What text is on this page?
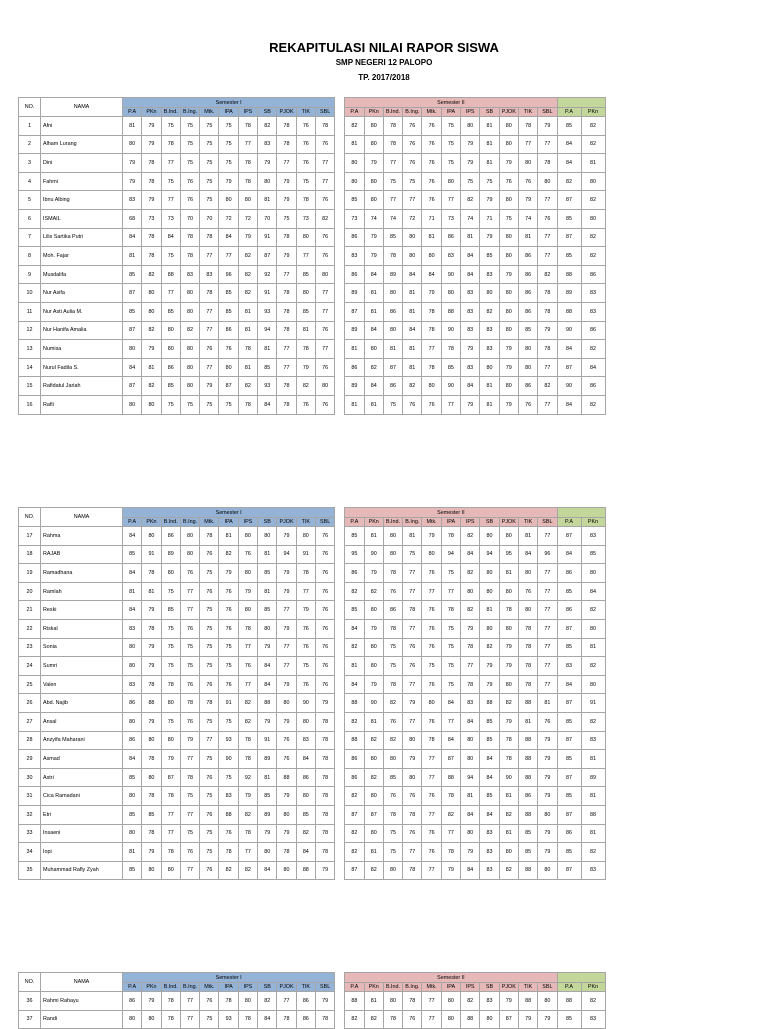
REKAPITULASI NILAI RAPOR SISWA
SMP NEGERI 12 PALOPO
TP. 2017/2018
NO.	NAMA	Semester I												Semester II												
		P.A	PKn	B.Ind.	B.Ing.	Mtk.	IPA	IPS	SB	PJOK	TIK	SBL		P.A	PKn	B.Ind.	B.Ing.	Mtk.	IPA	IPS	SB	PJOK	TIK	SBL	P.A	PKn
1	Afni	81	79	75	75	75	75	78	82	78	76	78		82	80	78	76	76	75	80	81	80	78	79	85	82
2	Alham Lurang	80	79	78	75	75	75	77	83	78	76	76		81	80	78	76	76	75	79	81	80	77	77	84	82
3	Dini	79	78	77	75	75	75	78	79	77	76	77		80	79	77	76	76	75	79	81	79	80	78	84	81
4	Fahmi	79	78	75	76	75	79	78	80	79	75	77		80	80	75	75	76	80	75	75	76	76	80	82	80
5	Ibnu Albing	83	79	77	76	75	80	80	81	79	78	76		85	80	77	77	76	77	82	79	80	79	77	87	82
6	ISMAIL	68	73	73	70	70	72	72	70	75	73	82		73	74	74	72	71	73	74	71	75	74	76	85	80
7	Lilis Sartika Putri	84	78	84	78	78	84	79	91	78	80	76		86	79	85	80	81	86	81	79	80	81	77	87	82
8	Moh. Fajar	81	78	75	78	77	77	82	87	79	77	76		83	79	78	80	80	83	84	85	80	86	77	85	82
9	Musdalifa	85	82	88	83	83	96	82	92	77	85	80		86	84	89	84	84	90	84	83	79	86	82	88	86
10	Nur Asifa	87	80	77	80	78	85	82	91	78	80	77		89	81	80	81	79	80	83	80	80	86	78	89	83
11	Nur Asti Aulia M.	85	80	85	80	77	85	81	93	78	85	77		87	81	86	81	78	88	83	82	80	86	78	88	83
12	Nur Hanifa Amalia	87	82	80	82	77	86	81	94	78	81	76		89	84	80	84	78	90	83	83	80	85	79	90	86
13	Numisa	80	79	80	80	76	76	78	81	77	78	77		81	80	81	81	77	78	79	83	79	80	78	84	82
14	Nurul Fadila S.	84	81	86	80	77	80	81	85	77	79	76		86	82	87	81	78	85	83	80	79	80	77	87	84
15	Rafidatul Jariah	87	82	85	80	79	87	82	93	78	82	80		89	84	86	82	80	90	84	81	80	86	82	90	86
16	Rafli	80	80	75	75	75	75	78	84	78	76	76		81	81	75	76	76	77	79	81	79	76	77	84	82
NO.	NAMA	Semester I												Semester II												
		P.A	PKn	B.Ind.	B.Ing.	Mtk.	IPA	IPS	SB	PJOK	TIK	SBL		P.A	PKn	B.Ind.	B.Ing.	Mtk.	IPA	IPS	SB	PJOK	TIK	SBL	P.A	PKn
17	Rahma	84	80	86	80	78	81	80	80	79	80	76		85	81	80	81	79	78	82	80	80	81	77	87	83
18	RAJAB	85	91	89	80	76	82	76	81	94	91	76		95	90	80	75	80	94	84	94	95	84	96	84	85
19	Ramadhana	84	78	80	76	75	79	80	85	79	78	76		86	79	78	77	76	75	82	80	81	80	77	86	80
20	Ramlah	81	81	75	77	76	76	79	81	79	77	76		82	82	76	77	77	77	80	80	80	76	77	85	84
21	Reski	84	79	85	77	75	76	80	85	77	79	76		85	80	86	78	76	78	82	81	78	80	77	86	82
22	Riskal	83	78	75	76	75	76	78	80	79	76	76		84	79	78	77	76	75	79	80	80	78	77	87	80
23	Sonia	80	79	75	75	75	75	77	79	77	76	76		82	80	75	76	76	75	78	82	79	78	77	85	81
24	Sumri	80	79	75	75	75	75	76	84	77	75	76		81	80	75	76	75	75	77	79	79	78	77	83	82
25	Valen	83	78	78	76	76	76	77	84	79	76	76		84	79	78	77	76	75	78	79	80	78	77	84	80
26	Abd. Najib	86	88	80	78	78	91	82	88	80	90	79		88	90	82	79	80	84	83	88	82	88	81	87	91
27	Ansal	80	79	75	76	75	75	82	79	79	80	78		82	81	76	77	76	77	84	85	79	81	76	85	82
28	Anzyifa Maharani	86	80	80	79	77	93	78	91	76	83	78		88	82	82	80	78	84	80	85	78	88	79	87	83
29	Asmad	84	78	79	77	75	90	78	89	76	84	78		86	80	80	79	77	87	80	84	78	88	79	85	81
30	Astri	85	80	87	78	76	75	92	81	88	86	78		86	82	85	80	77	88	94	84	90	88	79	87	89
31	Cica Ramadani	80	78	78	75	75	83	79	85	79	80	78		82	80	76	76	76	78	81	85	81	86	79	85	81
32	Etri	85	85	77	77	76	88	82	89	80	85	78		87	87	78	78	77	82	84	84	82	88	80	87	88
33	Insaeni	80	78	77	75	75	76	78	79	79	82	78		82	80	75	76	76	77	80	83	81	85	79	86	81
34	Iopi	81	79	78	76	75	78	77	80	78	84	78		82	81	75	77	76	78	79	83	80	85	79	85	82
35	Muhammad Rafly Zyah	85	80	80	77	76	82	82	84	80	88	79		87	82	80	78	77	79	84	83	82	88	80	87	83
NO.	NAMA	Semester I												Semester II												
		P.A	PKn	B.Ind.	B.Ing.	Mtk.	IPA	IPS	SB	PJOK	TIK	SBL		P.A	PKn	B.Ind.	B.Ing.	Mtk.	IPA	IPS	SB	PJOK	TIK	SBL	P.A	PKn
36	Rahmi Rahayu	86	79	78	77	76	78	80	82	77	86	79		88	81	80	78	77	80	82	83	79	88	80	88	82
37	Randi	80	80	78	77	75	93	78	84	78	86	78		82	82	78	76	77	80	88	80	87	79	79	85	83
